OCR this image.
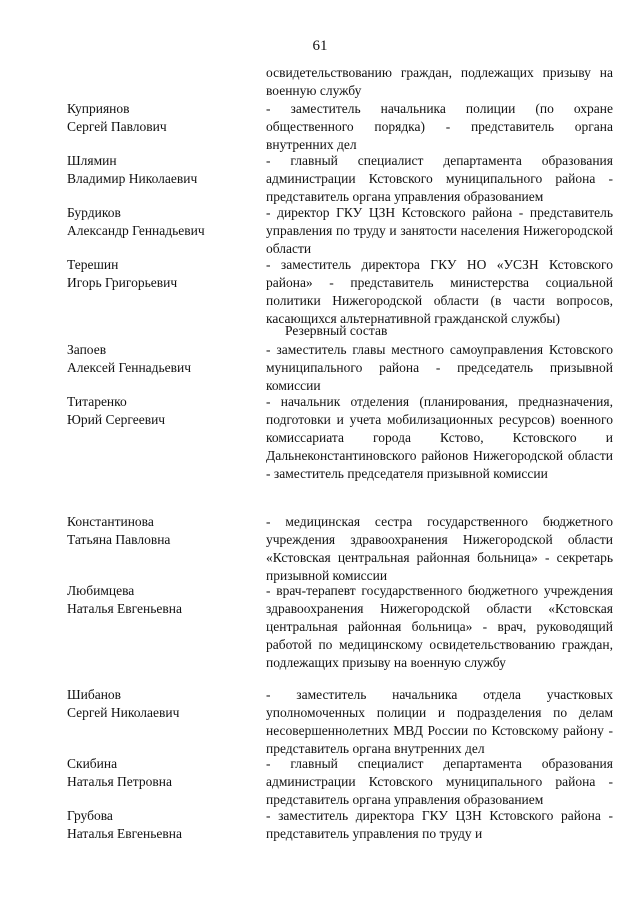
61
освидетельствованию граждан, подлежащих призыву на военную службу
Куприянов
Сергей Павлович
- заместитель начальника полиции (по охране общественного порядка) - представитель органа внутренних дел
Шлямин
Владимир Николаевич
- главный специалист департамента образования администрации Кстовского муниципального района - представитель органа управления образованием
Бурдиков
Александр Геннадьевич
- директор ГКУ ЦЗН Кстовского района - представитель управления по труду и занятости населения Нижегородской области
Терешин
Игорь Григорьевич
- заместитель директора ГКУ НО «УСЗН Кстовского района» - представитель министерства социальной политики Нижегородской области (в части вопросов, касающихся альтернативной гражданской службы)
Резервный состав
Запоев
Алексей Геннадьевич
- заместитель главы местного самоуправления Кстовского муниципального района - председатель призывной комиссии
Титаренко
Юрий Сергеевич
- начальник отделения (планирования, предназначения, подготовки и учета мобилизационных ресурсов) военного комиссариата города Кстово, Кстовского и Дальнеконстантиновского районов Нижегородской области - заместитель председателя призывной комиссии
Константинова
Татьяна Павловна
- медицинская сестра государственного бюджетного учреждения здравоохранения Нижегородской области «Кстовская центральная районная больница» - секретарь призывной комиссии
Любимцева
Наталья Евгеньевна
- врач-терапевт государственного бюджетного учреждения здравоохранения Нижегородской области «Кстовская центральная районная больница» - врач, руководящий работой по медицинскому освидетельствованию граждан, подлежащих призыву на военную службу
Шибанов
Сергей Николаевич
- заместитель начальника отдела участковых уполномоченных полиции и подразделения по делам несовершеннолетних МВД России по Кстовскому району - представитель органа внутренних дел
Скибина
Наталья Петровна
- главный специалист департамента образования администрации Кстовского муниципального района - представитель органа управления образованием
Грубова
Наталья Евгеньевна
- заместитель директора ГКУ ЦЗН Кстовского района - представитель управления по труду и
